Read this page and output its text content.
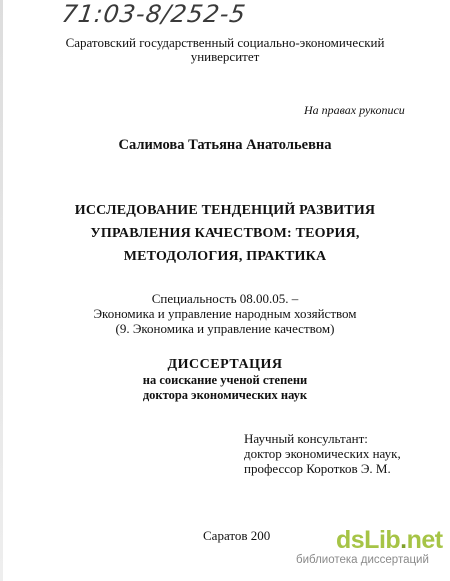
71:03-8/252-5
Саратовский государственный социально-экономический
университет
На правах рукописи
Салимова Татьяна Анатольевна
ИССЛЕДОВАНИЕ ТЕНДЕНЦИЙ РАЗВИТИЯ
УПРАВЛЕНИЯ КАЧЕСТВОМ: ТЕОРИЯ,
МЕТОДОЛОГИЯ, ПРАКТИКА
Специальность 08.00.05. –
Экономика и управление народным хозяйством
(9. Экономика и управление качеством)
ДИССЕРТАЦИЯ
на соискание ученой степени
доктора экономических наук
Научный консультант:
доктор экономических наук,
профессор Коротков Э. М.
Саратов 200	dsLib.net
библиотека диссертаций
